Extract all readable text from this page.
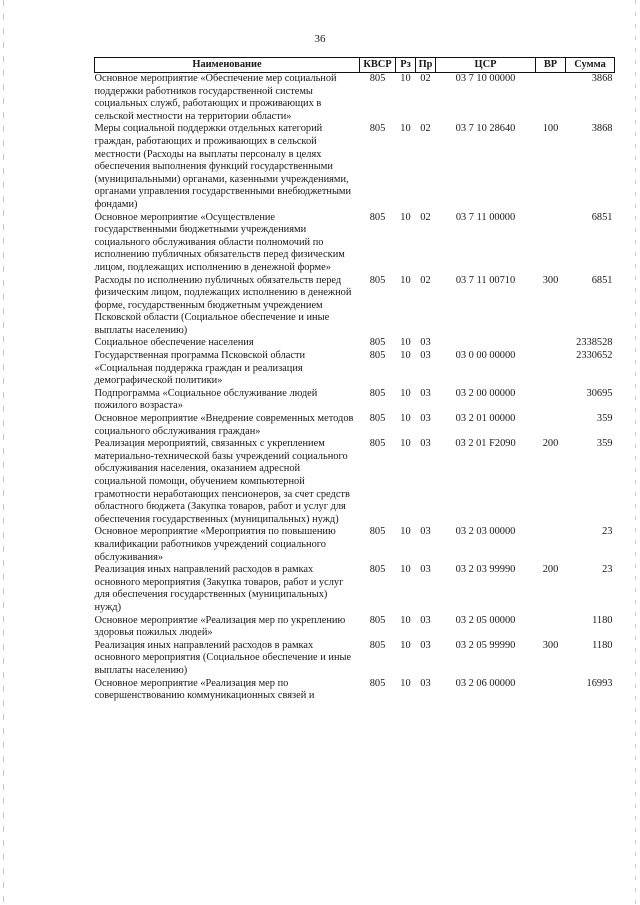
36
Наименование	КВСР	Рз	Пр	ЦСР	ВР	Сумма
Основное мероприятие «Обеспечение мер социальной поддержки работников государственной системы социальных служб, работающих и проживающих в сельской местности на территории области»	805	10	02	03 7 10 00000		3868
Меры социальной поддержки отдельных категорий граждан, работающих и проживающих в сельской местности (Расходы на выплаты персоналу в целях обеспечения выполнения функций государственными (муниципальными) органами, казенными учреждениями, органами управления государственными внебюджетными фондами)	805	10	02	03 7 10 28640	100	3868
Основное мероприятие «Осуществление государственными бюджетными учреждениями социального обслуживания области полномочий по исполнению публичных обязательств перед физическим лицом, подлежащих исполнению в денежной форме»	805	10	02	03 7 11 00000		6851
Расходы по исполнению публичных обязательств перед физическим лицом, подлежащих исполнению в денежной форме, государственным бюджетным учреждением Псковской области (Социальное обеспечение и иные выплаты населению)	805	10	02	03 7 11 00710	300	6851
Социальное обеспечение населения	805	10	03			2338528
Государственная программа Псковской области «Социальная поддержка граждан и реализация демографической политики»	805	10	03	03 0 00 00000		2330652
Подпрограмма «Социальное обслуживание людей пожилого возраста»	805	10	03	03 2 00 00000		30695
Основное мероприятие «Внедрение современных методов социального обслуживания граждан»	805	10	03	03 2 01 00000		359
Реализация мероприятий, связанных с укреплением материально-технической базы учреждений социального обслуживания населения, оказанием адресной социальной помощи, обучением компьютерной грамотности неработающих пенсионеров, за счет средств областного бюджета (Закупка товаров, работ и услуг для обеспечения государственных (муниципальных) нужд)	805	10	03	03 2 01 F2090	200	359
Основное мероприятие «Мероприятия по повышению квалификации работников учреждений социального обслуживания»	805	10	03	03 2 03 00000		23
Реализация иных направлений расходов в рамках основного мероприятия (Закупка товаров, работ и услуг для обеспечения государственных (муниципальных) нужд)	805	10	03	03 2 03 99990	200	23
Основное мероприятие «Реализация мер по укреплению здоровья пожилых людей»	805	10	03	03 2 05 00000		1180
Реализация иных направлений расходов в рамках основного мероприятия (Социальное обеспечение и иные выплаты населению)	805	10	03	03 2 05 99990	300	1180
Основное мероприятие «Реализация мер по совершенствованию коммуникационных связей и	805	10	03	03 2 06 00000		16993
